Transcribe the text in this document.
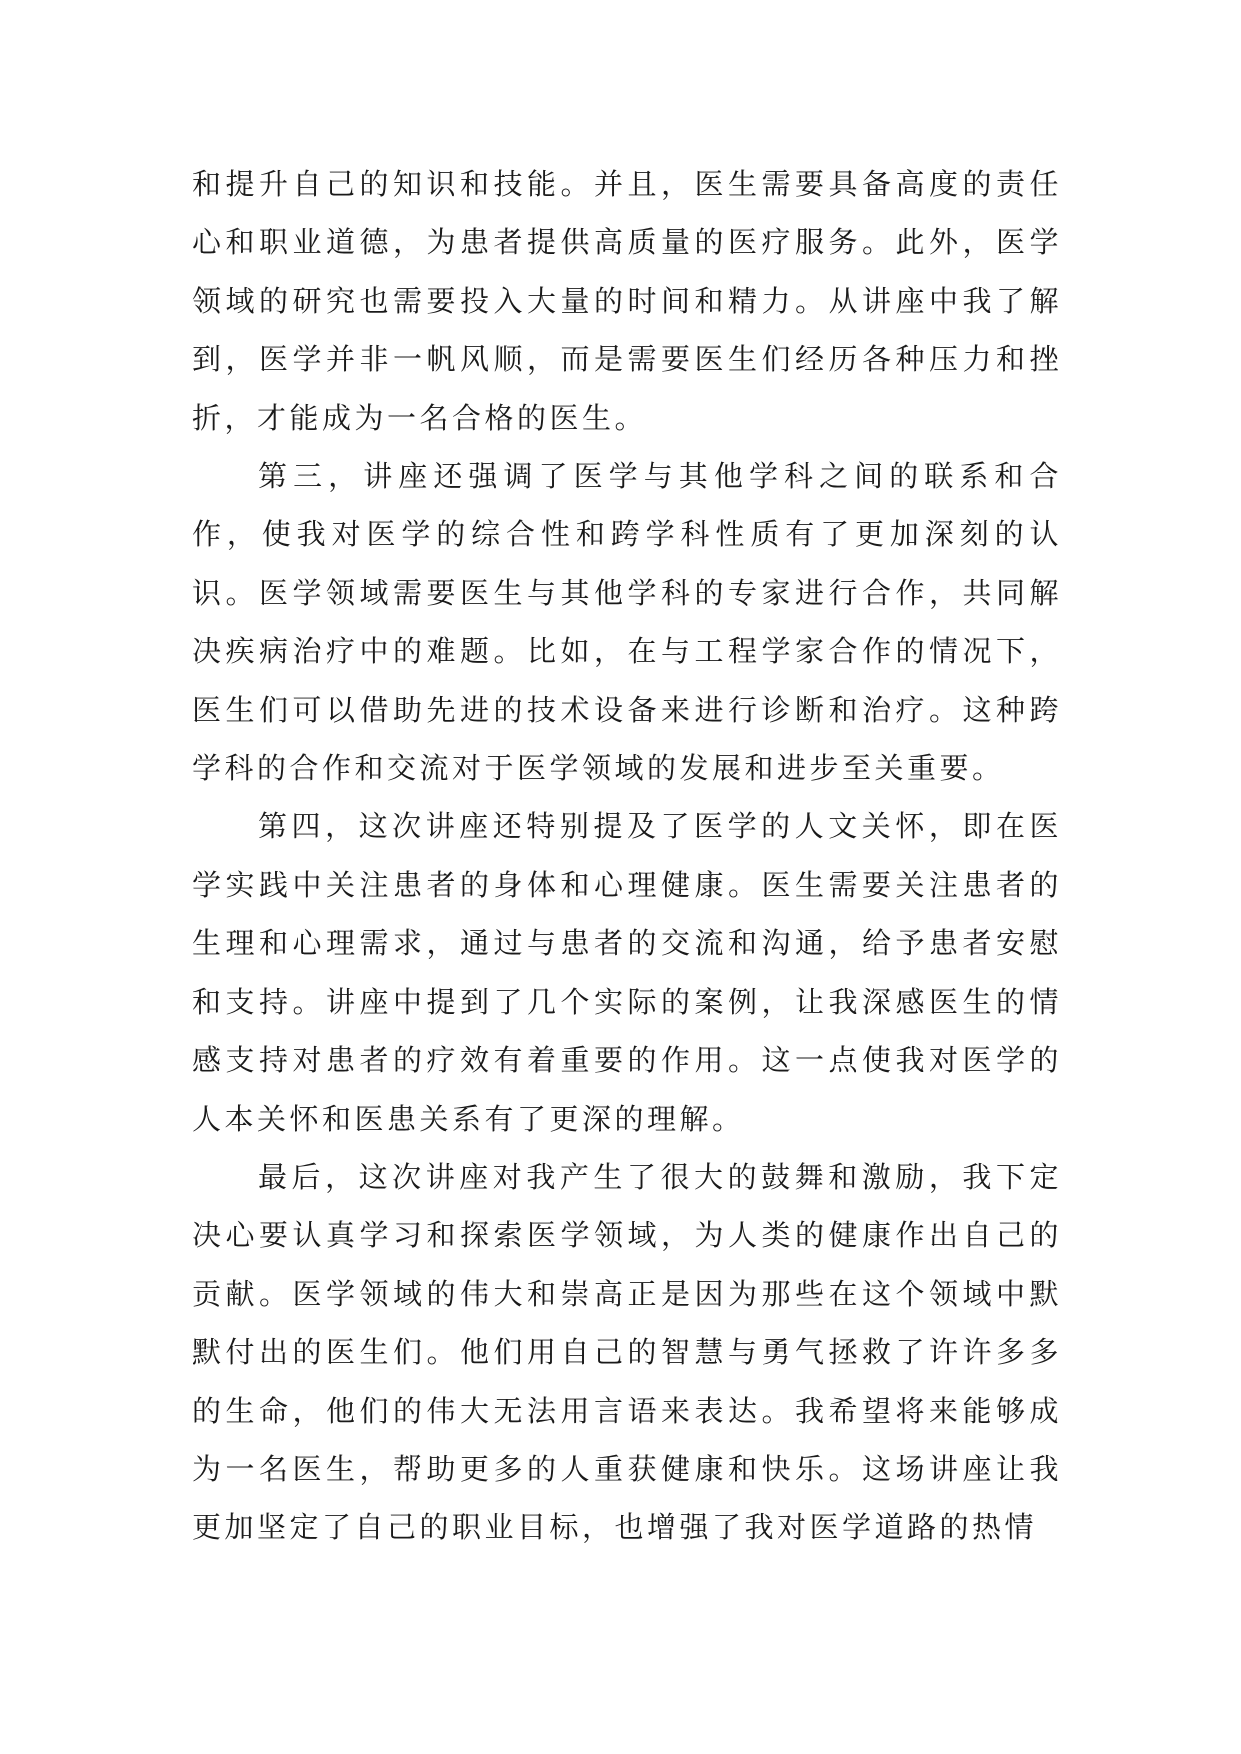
和提升自己的知识和技能。并且，医生需要具备高度的责任心和职业道德，为患者提供高质量的医疗服务。此外，医学领域的研究也需要投入大量的时间和精力。从讲座中我了解到，医学并非一帆风顺，而是需要医生们经历各种压力和挫折，才能成为一名合格的医生。

第三，讲座还强调了医学与其他学科之间的联系和合作，使我对医学的综合性和跨学科性质有了更加深刻的认识。医学领域需要医生与其他学科的专家进行合作，共同解决疾病治疗中的难题。比如，在与工程学家合作的情况下，医生们可以借助先进的技术设备来进行诊断和治疗。这种跨学科的合作和交流对于医学领域的发展和进步至关重要。

第四，这次讲座还特别提及了医学的人文关怀，即在医学实践中关注患者的身体和心理健康。医生需要关注患者的生理和心理需求，通过与患者的交流和沟通，给予患者安慰和支持。讲座中提到了几个实际的案例，让我深感医生的情感支持对患者的疗效有着重要的作用。这一点使我对医学的人本关怀和医患关系有了更深的理解。

最后，这次讲座对我产生了很大的鼓舞和激励，我下定决心要认真学习和探索医学领域，为人类的健康作出自己的贡献。医学领域的伟大和崇高正是因为那些在这个领域中默默付出的医生们。他们用自己的智慧与勇气拯救了许许多多的生命，他们的伟大无法用言语来表达。我希望将来能够成为一名医生，帮助更多的人重获健康和快乐。这场讲座让我更加坚定了自己的职业目标，也增强了我对医学道路的热情
